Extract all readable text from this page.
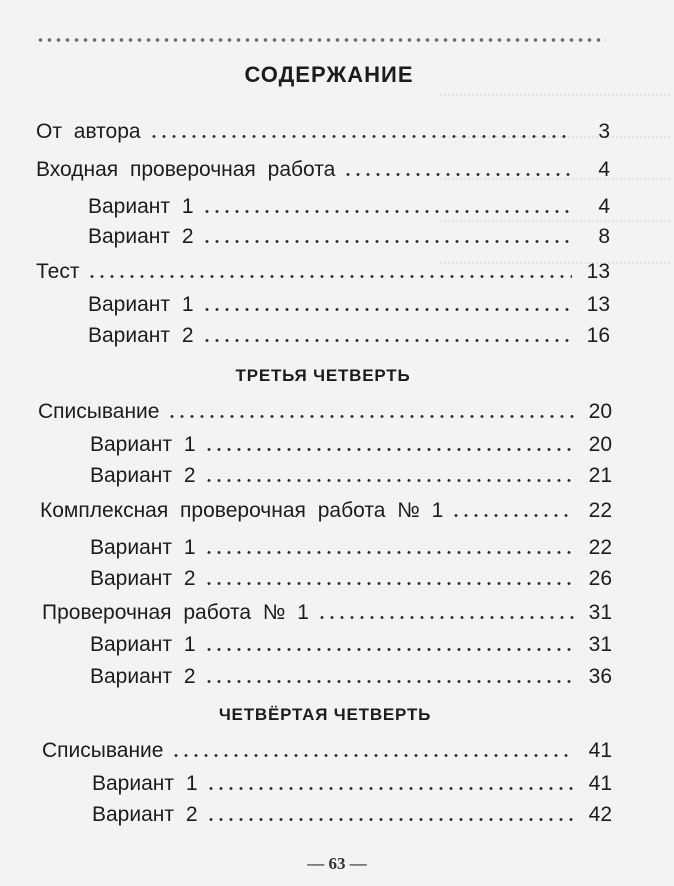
СОДЕРЖАНИЕ
От автора	3
Входная проверочная работа	4
Вариант 1	4
Вариант 2	8
Тест	13
Вариант 1	13
Вариант 2	16
ТРЕТЬЯ ЧЕТВЕРТЬ
Списывание	20
Вариант 1	20
Вариант 2	21
Комплексная проверочная работа № 1	22
Вариант 1	22
Вариант 2	26
Проверочная работа № 1	31
Вариант 1	31
Вариант 2	36
ЧЕТВЁРТАЯ ЧЕТВЕРТЬ
Списывание	41
Вариант 1	41
Вариант 2	42
— 63 —
